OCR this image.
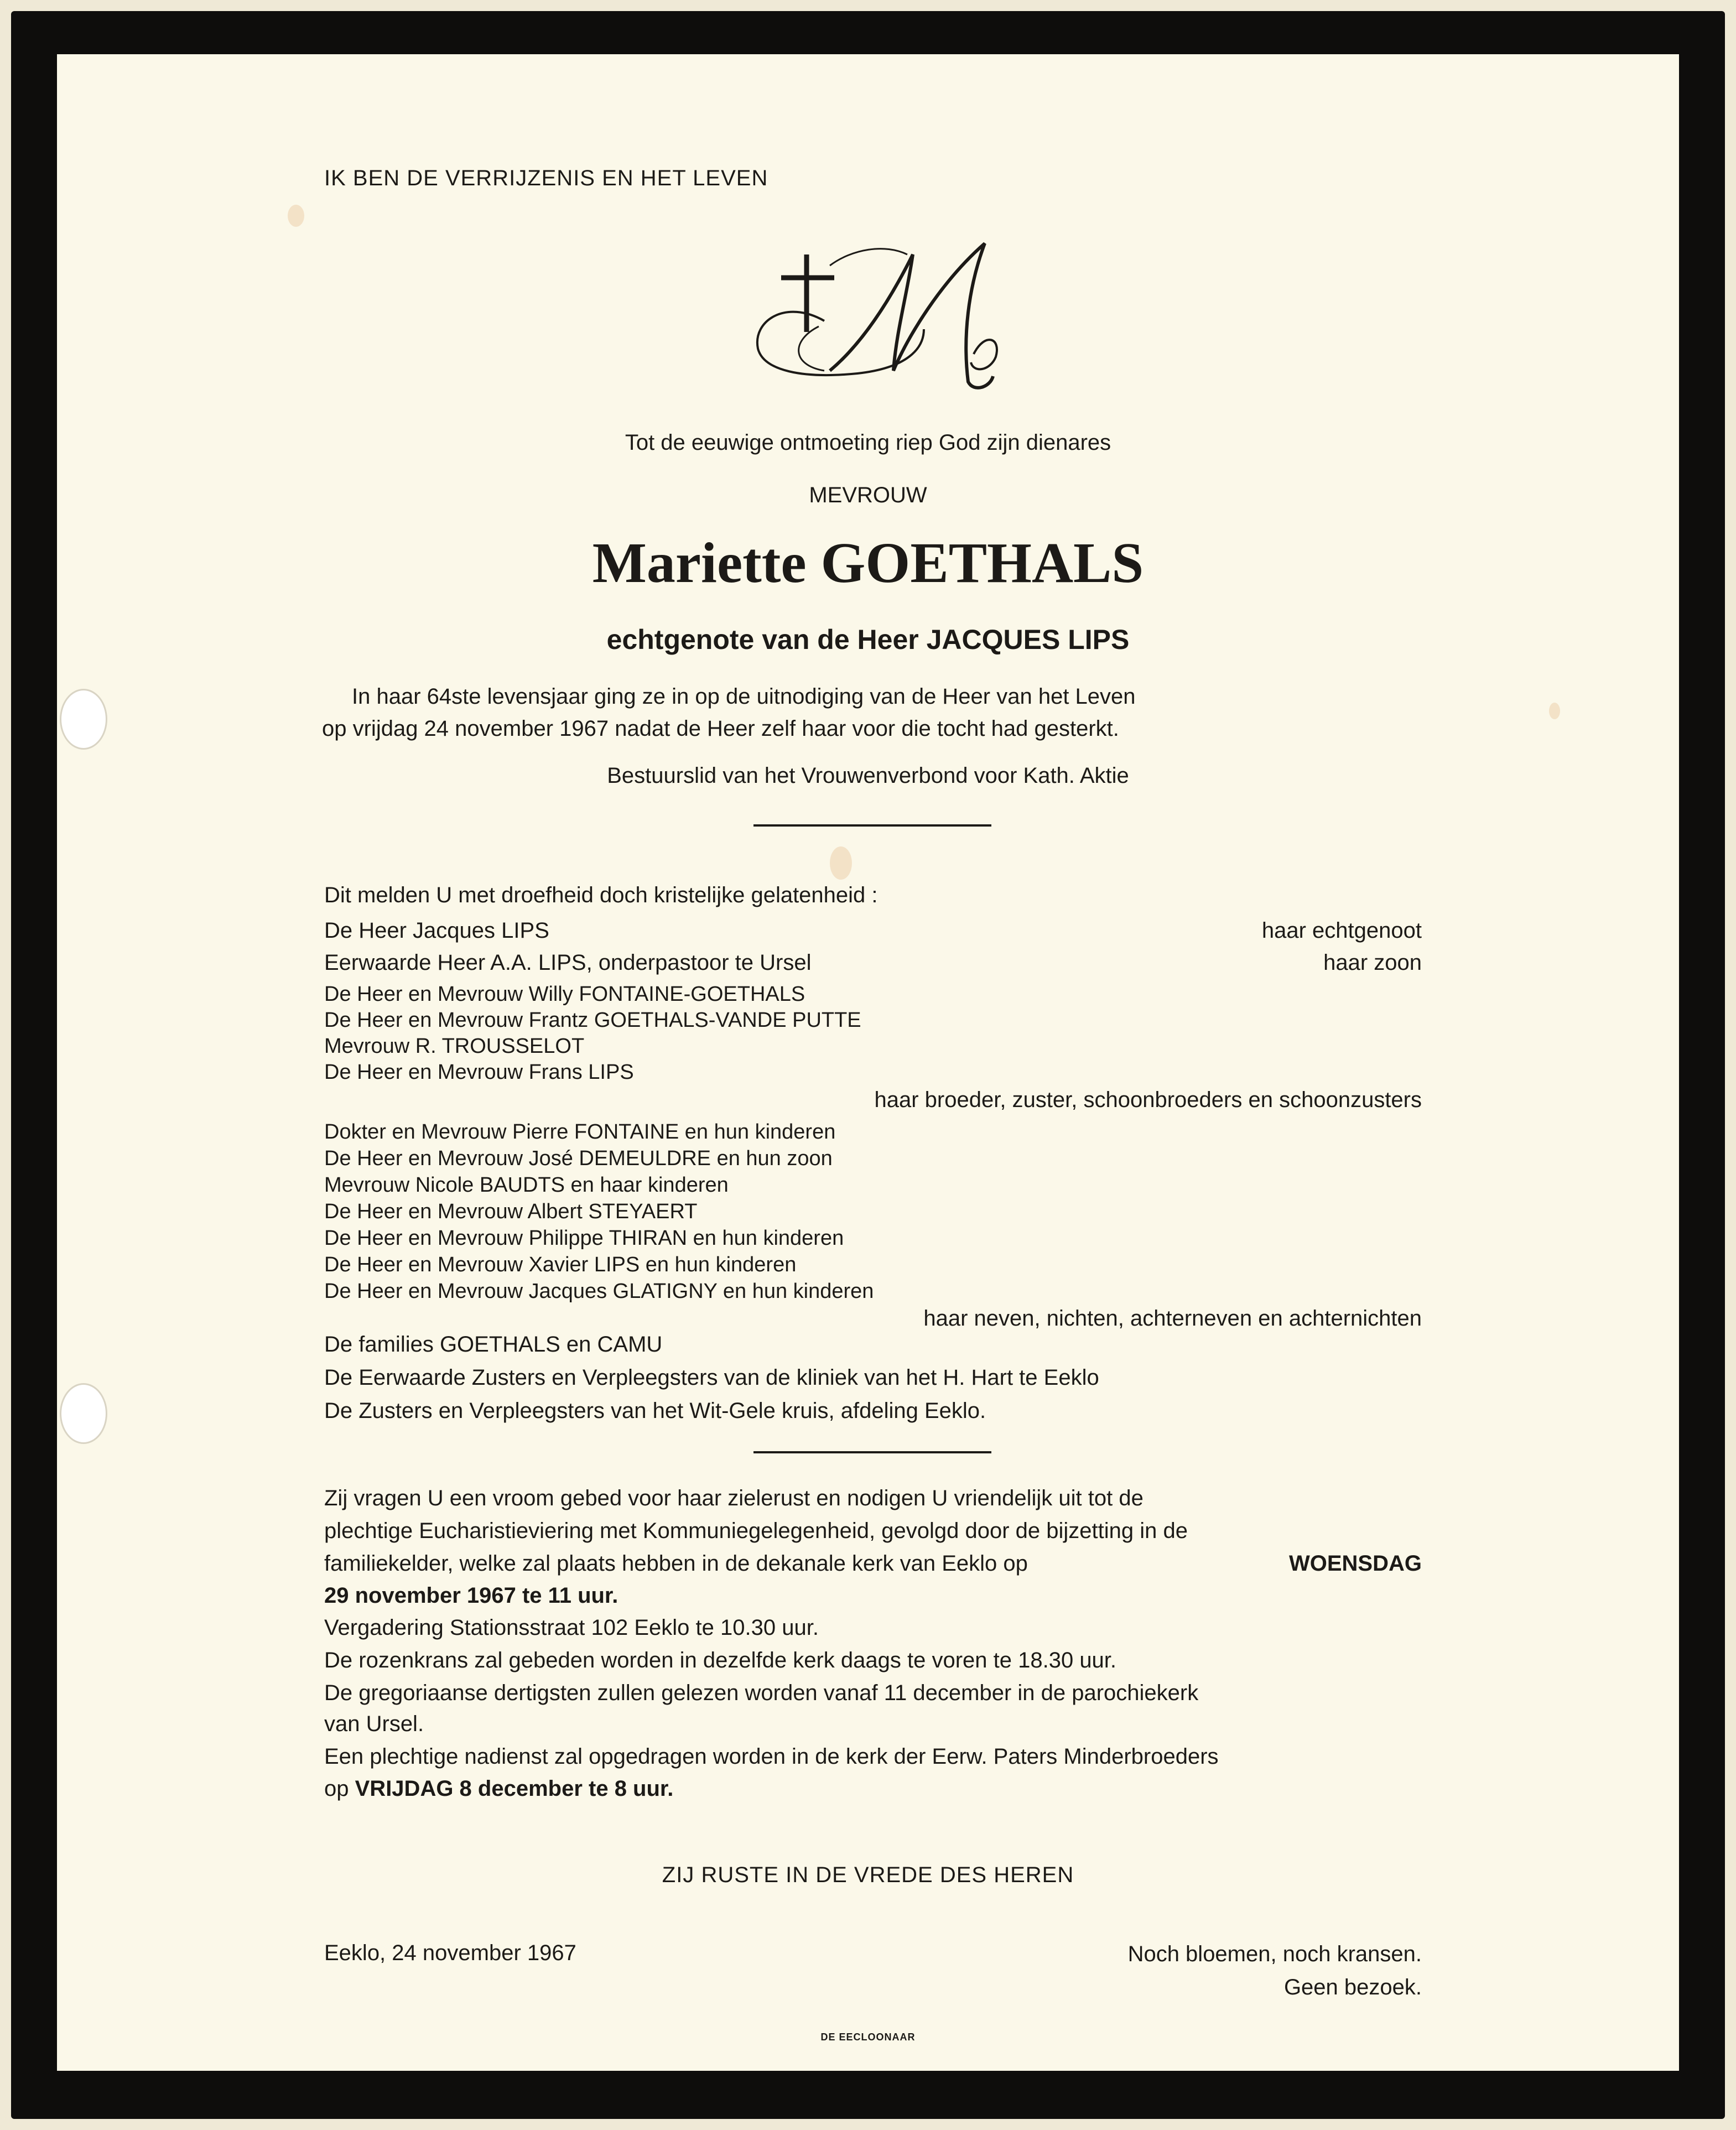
IK BEN DE VERRIJZENIS EN HET LEVEN
M
Tot de eeuwige ontmoeting riep God zijn dienares
MEVROUW
Mariette GOETHALS
echtgenote van de Heer JACQUES LIPS
In haar 64ste levensjaar ging ze in op de uitnodiging van de Heer van het Leven
op vrijdag 24 november 1967 nadat de Heer zelf haar voor die tocht had gesterkt.
Bestuurslid van het Vrouwenverbond voor Kath. Aktie
Dit melden U met droefheid doch kristelijke gelatenheid :
De Heer Jacques LIPS	haar echtgenoot
Eerwaarde Heer A.A. LIPS, onderpastoor te Ursel	haar zoon
De Heer en Mevrouw Willy FONTAINE-GOETHALS
De Heer en Mevrouw Frantz GOETHALS-VANDE PUTTE
Mevrouw R. TROUSSELOT
De Heer en Mevrouw Frans LIPS
haar broeder, zuster, schoonbroeders en schoonzusters
Dokter en Mevrouw Pierre FONTAINE en hun kinderen
De Heer en Mevrouw José DEMEULDRE en hun zoon
Mevrouw Nicole BAUDTS en haar kinderen
De Heer en Mevrouw Albert STEYAERT
De Heer en Mevrouw Philippe THIRAN en hun kinderen
De Heer en Mevrouw Xavier LIPS en hun kinderen
De Heer en Mevrouw Jacques GLATIGNY en hun kinderen
haar neven, nichten, achterneven en achternichten
De families GOETHALS en CAMU
De Eerwaarde Zusters en Verpleegsters van de kliniek van het H. Hart te Eeklo
De Zusters en Verpleegsters van het Wit-Gele kruis, afdeling Eeklo.
Zij vragen U een vroom gebed voor haar zielerust en nodigen U vriendelijk uit tot de
plechtige Eucharistieviering met Kommuniegelegenheid, gevolgd door de bijzetting in de
familiekelder, welke zal plaats hebben in de dekanale kerk van Eeklo op	WOENSDAG
29 november 1967 te 11 uur.
Vergadering Stationsstraat 102 Eeklo te 10.30 uur.
De rozenkrans zal gebeden worden in dezelfde kerk daags te voren te 18.30 uur.
De gregoriaanse dertigsten zullen gelezen worden vanaf 11 december in de parochiekerk
van Ursel.
Een plechtige nadienst zal opgedragen worden in de kerk der Eerw. Paters Minderbroeders
op VRIJDAG 8 december te 8 uur.
ZIJ RUSTE IN DE VREDE DES HEREN
Eeklo, 24 november 1967	Noch bloemen, noch kransen.
Geen bezoek.
DE EECLOONAAR
